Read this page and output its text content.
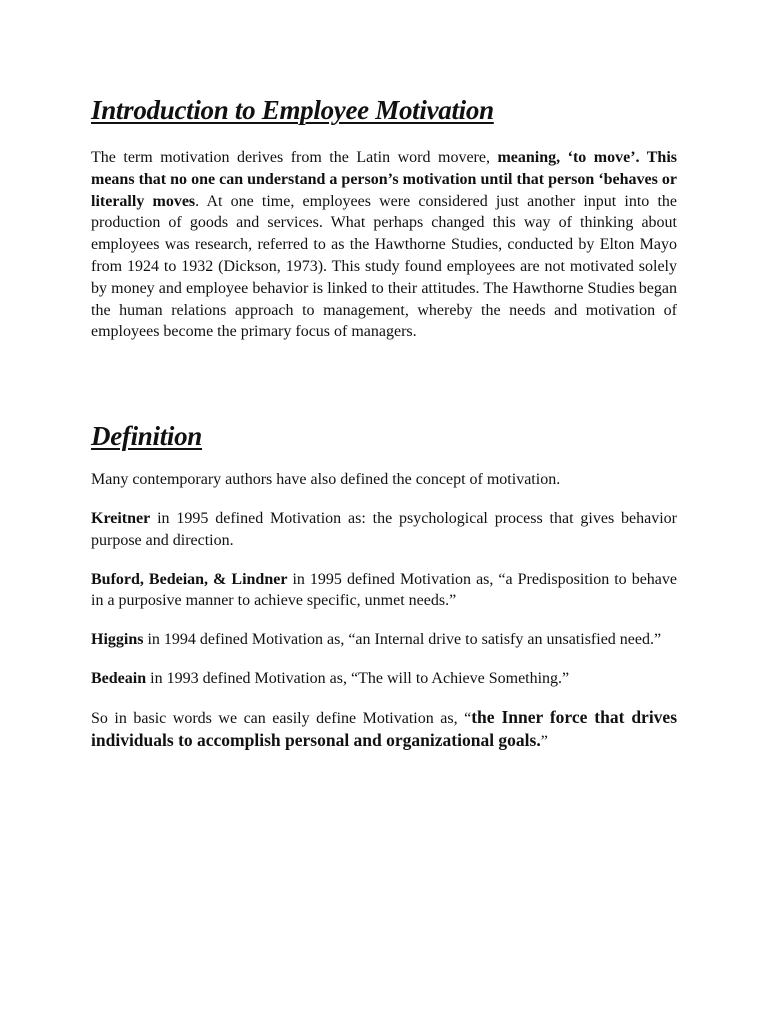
Introduction to Employee Motivation

The term motivation derives from the Latin word movere, meaning, ‘to move’. This means that no one can understand a person’s motivation until that person ‘behaves or literally moves. At one time, employees were considered just another input into the production of goods and services. What perhaps changed this way of thinking about employees was research, referred to as the Hawthorne Studies, conducted by Elton Mayo from 1924 to 1932 (Dickson, 1973). This study found employees are not motivated solely by money and employee behavior is linked to their attitudes. The Hawthorne Studies began the human relations approach to management, whereby the needs and motivation of employees become the primary focus of managers.

Definition

Many contemporary authors have also defined the concept of motivation.

Kreitner in 1995 defined Motivation as: the psychological process that gives behavior purpose and direction.

Buford, Bedeian, & Lindner in 1995 defined Motivation as, “a Predisposition to behave in a purposive manner to achieve specific, unmet needs.”

Higgins in 1994 defined Motivation as, “an Internal drive to satisfy an unsatisfied need.”

Bedeain in 1993 defined Motivation as, “The will to Achieve Something.”

So in basic words we can easily define Motivation as, “the Inner force that drives individuals to accomplish personal and organizational goals.”
